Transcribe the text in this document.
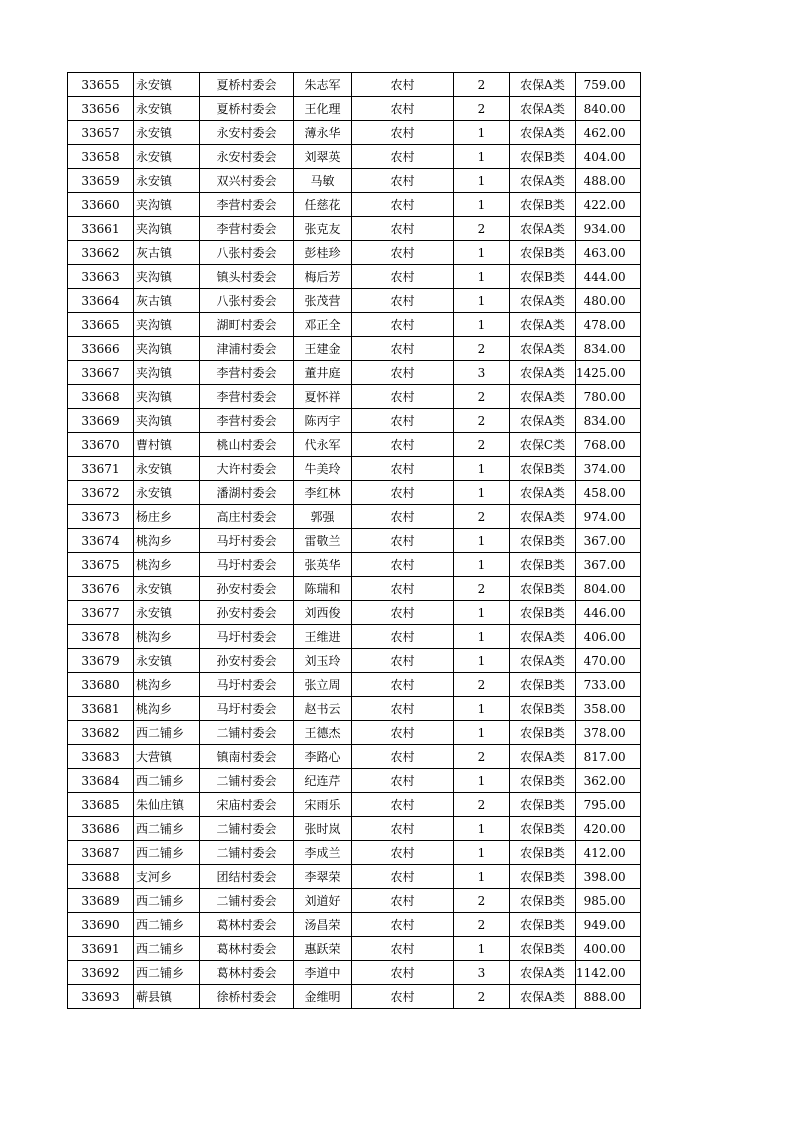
33655	永安镇	夏桥村委会	朱志军	农村	2	农保A类	759.00
33656	永安镇	夏桥村委会	王化理	农村	2	农保A类	840.00
33657	永安镇	永安村委会	薄永华	农村	1	农保A类	462.00
33658	永安镇	永安村委会	刘翠英	农村	1	农保B类	404.00
33659	永安镇	双兴村委会	马敏	农村	1	农保A类	488.00
33660	夹沟镇	李营村委会	任慈花	农村	1	农保B类	422.00
33661	夹沟镇	李营村委会	张克友	农村	2	农保A类	934.00
33662	灰古镇	八张村委会	彭桂珍	农村	1	农保B类	463.00
33663	夹沟镇	镇头村委会	梅后芳	农村	1	农保B类	444.00
33664	灰古镇	八张村委会	张茂营	农村	1	农保A类	480.00
33665	夹沟镇	湖町村委会	邓正全	农村	1	农保A类	478.00
33666	夹沟镇	津浦村委会	王建金	农村	2	农保A类	834.00
33667	夹沟镇	李营村委会	董井庭	农村	3	农保A类	1425.00
33668	夹沟镇	李营村委会	夏怀祥	农村	2	农保A类	780.00
33669	夹沟镇	李营村委会	陈丙宇	农村	2	农保A类	834.00
33670	曹村镇	桃山村委会	代永军	农村	2	农保C类	768.00
33671	永安镇	大许村委会	牛美玲	农村	1	农保B类	374.00
33672	永安镇	潘湖村委会	李红林	农村	1	农保A类	458.00
33673	杨庄乡	高庄村委会	郭强	农村	2	农保A类	974.00
33674	桃沟乡	马圩村委会	雷敬兰	农村	1	农保B类	367.00
33675	桃沟乡	马圩村委会	张英华	农村	1	农保B类	367.00
33676	永安镇	孙安村委会	陈瑞和	农村	2	农保B类	804.00
33677	永安镇	孙安村委会	刘西俊	农村	1	农保B类	446.00
33678	桃沟乡	马圩村委会	王维进	农村	1	农保A类	406.00
33679	永安镇	孙安村委会	刘玉玲	农村	1	农保A类	470.00
33680	桃沟乡	马圩村委会	张立周	农村	2	农保B类	733.00
33681	桃沟乡	马圩村委会	赵书云	农村	1	农保B类	358.00
33682	西二铺乡	二铺村委会	王德杰	农村	1	农保B类	378.00
33683	大营镇	镇南村委会	李路心	农村	2	农保A类	817.00
33684	西二铺乡	二铺村委会	纪连芹	农村	1	农保B类	362.00
33685	朱仙庄镇	宋庙村委会	宋雨乐	农村	2	农保B类	795.00
33686	西二铺乡	二铺村委会	张时岚	农村	1	农保B类	420.00
33687	西二铺乡	二铺村委会	李成兰	农村	1	农保B类	412.00
33688	支河乡	团结村委会	李翠荣	农村	1	农保B类	398.00
33689	西二铺乡	二铺村委会	刘道好	农村	2	农保B类	985.00
33690	西二铺乡	葛林村委会	汤昌荣	农村	2	农保B类	949.00
33691	西二铺乡	葛林村委会	惠跃荣	农村	1	农保B类	400.00
33692	西二铺乡	葛林村委会	李道中	农村	3	农保A类	1142.00
33693	蕲县镇	徐桥村委会	金维明	农村	2	农保A类	888.00
